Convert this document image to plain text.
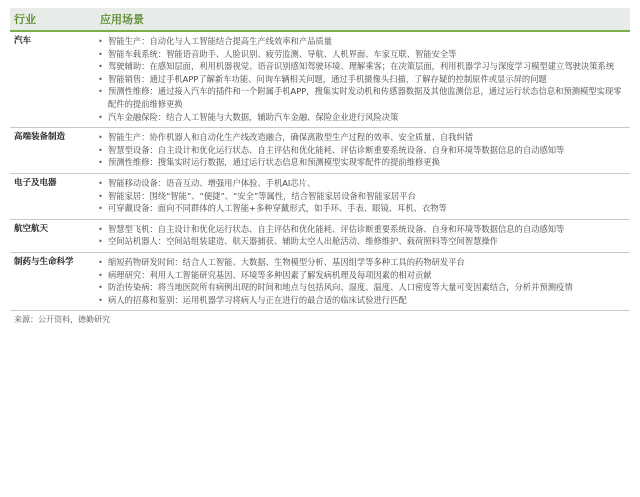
行业	应用场景
汽车	• 智能生产：自动化与人工智能结合提高生产线效率和产品质量
• 智能车载系统：智能语音助手、人脸识别、疲劳监测、导航、人机界面、车家互联、智能安全等
• 驾驶辅助：在感知层面，利用机器视觉、语音识别感知驾驶环境、理解乘客；在决策层面，利用机器学习与深度学习模型建立驾驶决策系统
• 智能销售：通过手机APP了解新车功能、问询车辆相关问题，通过手机摄像头扫描，了解存疑的控制原件或显示屏的问题
• 预测性维修：通过接入汽车的插件和一个附属手机APP，搜集实时发动机和传感器数据及其他监测信息，通过运行状态信息和预测模型实现零配件的提前维修更换
• 汽车金融保险：结合人工智能与大数据，辅助汽车金融、保险企业进行风险决策
高端装备制造	• 智能生产：协作机器人和自动化生产线改造融合，确保离散型生产过程的效率、安全质量、自我纠错
• 智慧型设备：自主设计和优化运行状态、自主评估和优化能耗、评估诊断重要系统设备、自身和环境等数据信息的自动感知等
• 预测性维修：搜集实时运行数据，通过运行状态信息和预测模型实现零配件的提前维修更换
电子及电器	• 智能移动设备：语音互动、增强用户体验、手机AI芯片、
• 智能家居：围绕“智能”、“便捷”、“安全”等属性，结合智能家居设备和智能家居平台
• 可穿戴设备：面向不同群体的人工智能+多种穿戴形式，如手环、手表、眼镜、耳机、衣物等
航空航天	• 智慧型飞机：自主设计和优化运行状态、自主评估和优化能耗、评估诊断重要系统设备、自身和环境等数据信息的自动感知等
• 空间站机器人：空间站组装建造、航天器捕获、辅助太空人出舱活动、维修维护、载荷照料等空间智慧操作
制药与生命科学	• 缩短药物研发时间：结合人工智能、大数据、生物模型分析、基因组学等多种工具的药物研发平台
• 病理研究：利用人工智能研究基因、环境等多种因素了解发病机理及每项因素的相对贡献
• 防治传染病：将当地医院所有病例出现的时间和地点与包括风向、湿度、温度、人口密度等大量可变因素结合，分析并预测疫情
• 病人的招募和鉴别：运用机器学习将病人与正在进行的最合适的临床试验进行匹配
来源：公开资料，德勤研究
